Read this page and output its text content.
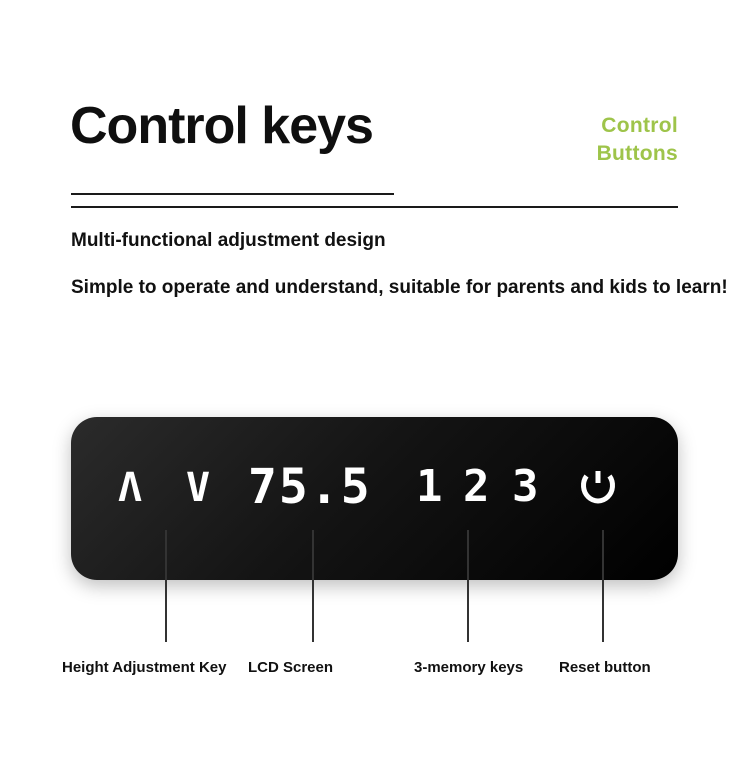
Control keys	Control
Buttons
Multi-functional adjustment design
Simple to operate and understand, suitable for parents and kids to learn!
Λ V 75.5 1 2 3
Height Adjustment Key LCD Screen	3-memory keys Reset button
